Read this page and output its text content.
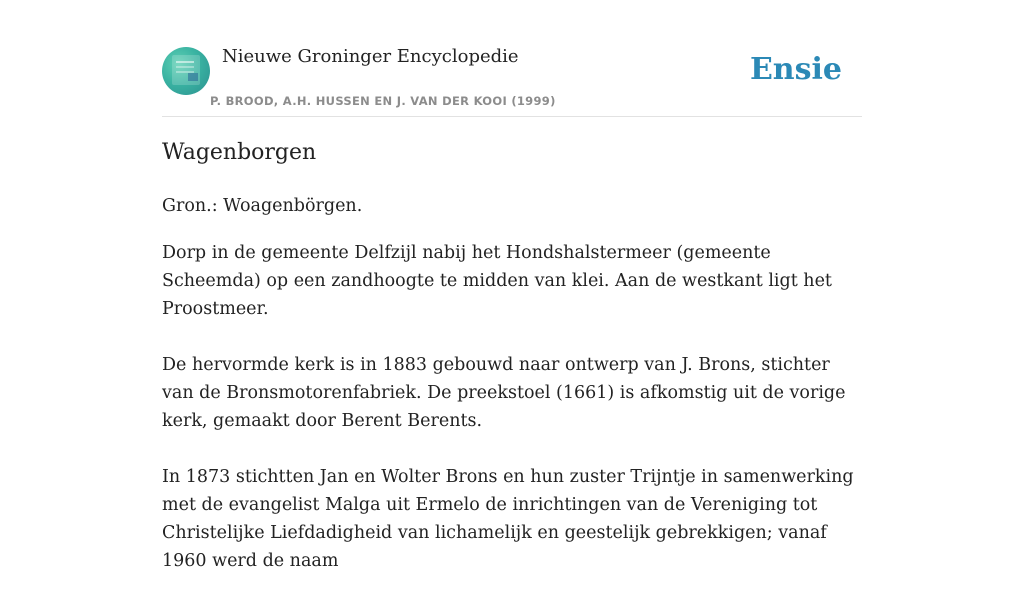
Nieuwe Groninger Encyclopedie
P. BROOD, A.H. HUSSEN EN J. VAN DER KOOI (1999)
Ensie
Wagenborgen

Gron.: Woagenbörgen.

Dorp in de gemeente Delfzijl nabij het Hondshalstermeer (gemeente Scheemda) op een zandhoogte te midden van klei. Aan de westkant ligt het Proostmeer.

De hervormde kerk is in 1883 gebouwd naar ontwerp van J. Brons, stichter van de Bronsmotorenfabriek. De preekstoel (1661) is afkomstig uit de vorige kerk, gemaakt door Berent Berents.

In 1873 stichtten Jan en Wolter Brons en hun zuster Trijntje in samenwerking met de evangelist Malga uit Ermelo de inrichtingen van de Vereniging tot Christelijke Liefdadigheid van lichamelijk en geestelijk gebrekkigen; vanaf 1960 werd de naam
